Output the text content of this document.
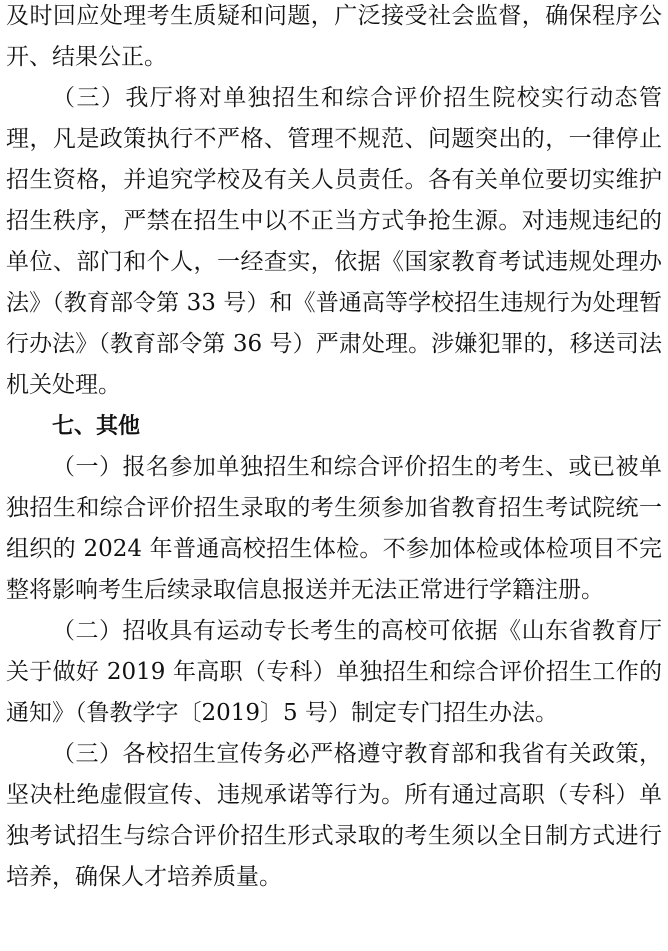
及时回应处理考生质疑和问题，广泛接受社会监督，确保程序公开、结果公正。

（三）我厅将对单独招生和综合评价招生院校实行动态管理，凡是政策执行不严格、管理不规范、问题突出的，一律停止招生资格，并追究学校及有关人员责任。各有关单位要切实维护招生秩序，严禁在招生中以不正当方式争抢生源。对违规违纪的单位、部门和个人，一经查实，依据《国家教育考试违规处理办法》（教育部令第 33 号）和《普通高等学校招生违规行为处理暂行办法》（教育部令第 36 号）严肃处理。涉嫌犯罪的，移送司法机关处理。

七、其他

（一）报名参加单独招生和综合评价招生的考生、或已被单独招生和综合评价招生录取的考生须参加省教育招生考试院统一组织的 2024 年普通高校招生体检。不参加体检或体检项目不完整将影响考生后续录取信息报送并无法正常进行学籍注册。

（二）招收具有运动专长考生的高校可依据《山东省教育厅关于做好 2019 年高职（专科）单独招生和综合评价招生工作的通知》（鲁教学字〔2019〕5 号）制定专门招生办法。

（三）各校招生宣传务必严格遵守教育部和我省有关政策，坚决杜绝虚假宣传、违规承诺等行为。所有通过高职（专科）单独考试招生与综合评价招生形式录取的考生须以全日制方式进行培养，确保人才培养质量。
